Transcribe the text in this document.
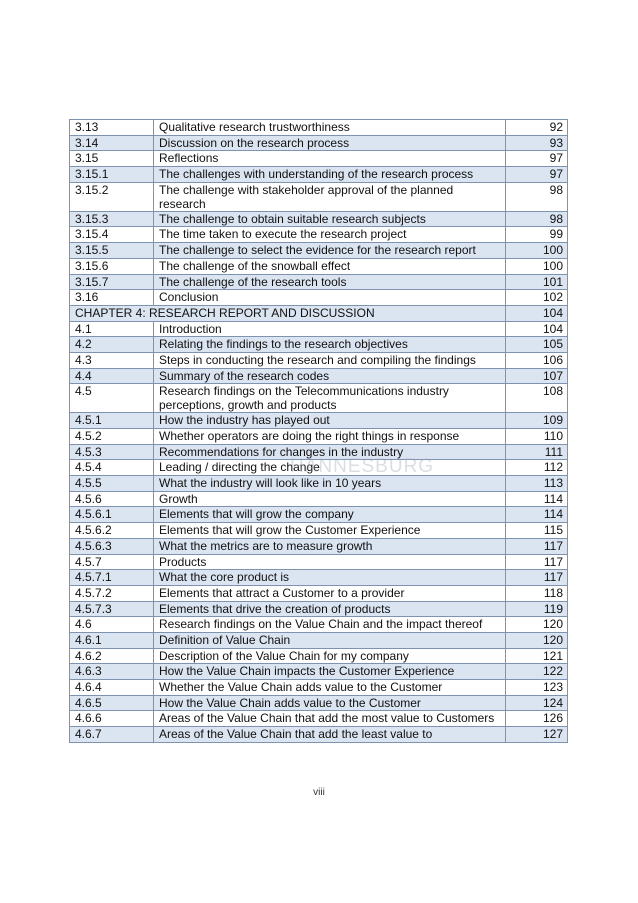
3.13	Qualitative research trustworthiness	92
3.14	Discussion on the research process	93
3.15	Reflections	97
3.15.1	The challenges with understanding of the research process	97
3.15.2	The challenge with stakeholder approval of the planned research	98
3.15.3	The challenge to obtain suitable research subjects	98
3.15.4	The time taken to execute the research project	99
3.15.5	The challenge to select the evidence for the research report	100
3.15.6	The challenge of the snowball effect	100
3.15.7	The challenge of the research tools	101
3.16	Conclusion	102
CHAPTER 4: RESEARCH REPORT AND DISCUSSION		104
4.1	Introduction	104
4.2	Relating the findings to the research objectives	105
4.3	Steps in conducting the research and compiling the findings	106
4.4	Summary of the research codes	107
4.5	Research findings on the Telecommunications industry perceptions, growth and products	108
4.5.1	How the industry has played out	109
4.5.2	Whether operators are doing the right things in response	110
4.5.3	Recommendations for changes in the industry	111
4.5.4	Leading / directing the change	112
4.5.5	What the industry will look like in 10 years	113
4.5.6	Growth	114
4.5.6.1	Elements that will grow the company	114
4.5.6.2	Elements that will grow the Customer Experience	115
4.5.6.3	What the metrics are to measure growth	117
4.5.7	Products	117
4.5.7.1	What the core product is	117
4.5.7.2	Elements that attract a Customer to a provider	118
4.5.7.3	Elements that drive the creation of products	119
4.6	Research findings on the Value Chain and the impact thereof	120
4.6.1	Definition of Value Chain	120
4.6.2	Description of the Value Chain for my company	121
4.6.3	How the Value Chain impacts the Customer Experience	122
4.6.4	Whether the Value Chain adds value to the Customer	123
4.6.5	How the Value Chain adds value to the Customer	124
4.6.6	Areas of the Value Chain that add the most value to Customers	126
4.6.7	Areas of the Value Chain that add the least value to	127
HANNESBURG
viii
